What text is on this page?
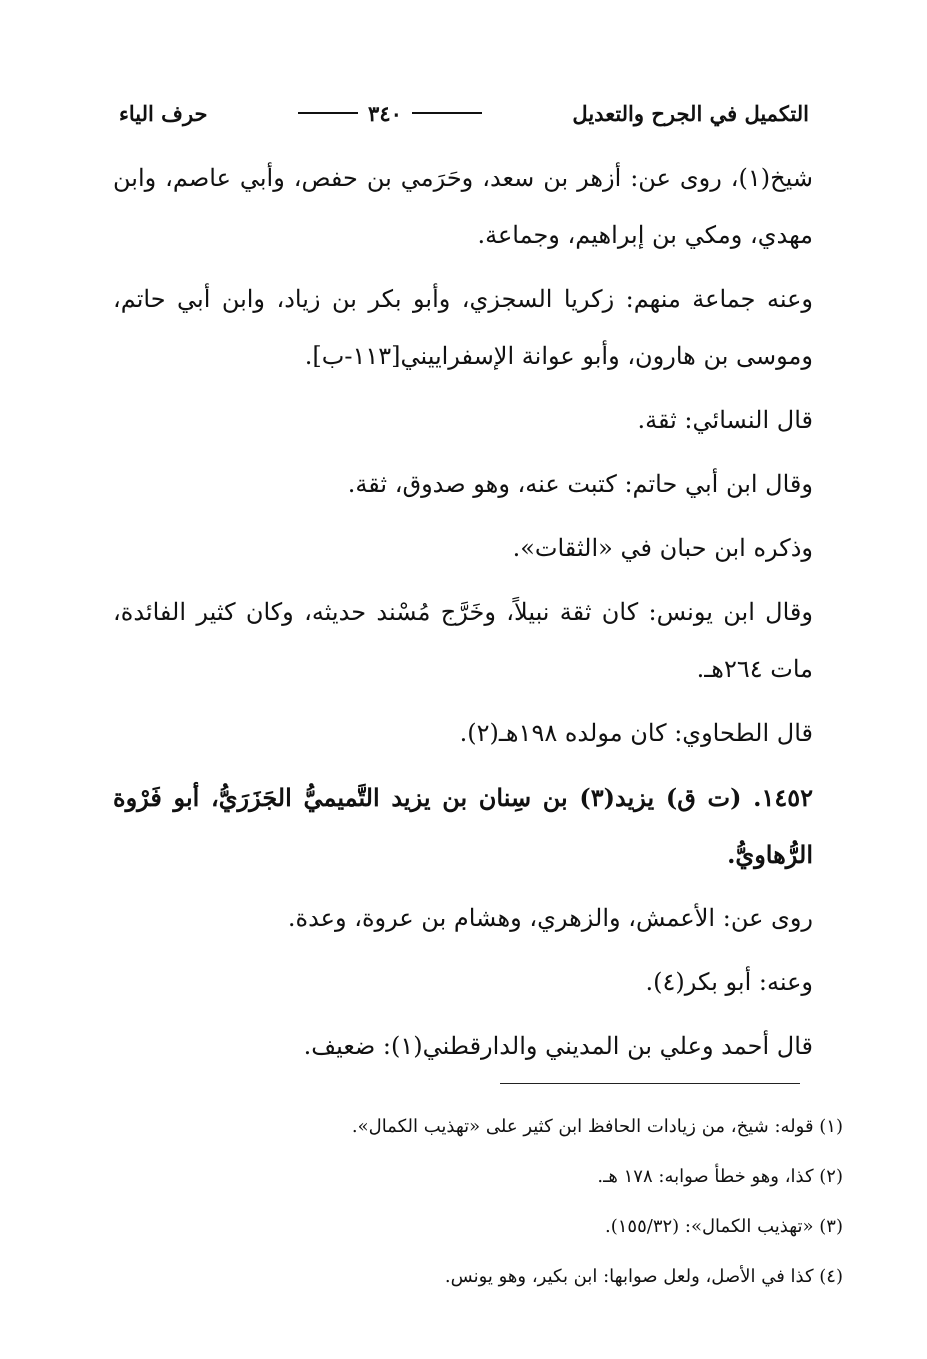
التكميل في الجرح والتعديل
٣٤٠
حرف الياء

شيخ(١)، روى عن: أزهر بن سعد، وحَرَمي بن حفص، وأبي عاصم، وابن مهدي، ومكي بن إبراهيم، وجماعة.

وعنه جماعة منهم: زكريا السجزي، وأبو بكر بن زياد، وابن أبي حاتم، وموسى بن هارون، وأبو عوانة الإسفراييني[١١٣-ب].

قال النسائي: ثقة.

وقال ابن أبي حاتم: كتبت عنه، وهو صدوق، ثقة.

وذكره ابن حبان في «الثقات».

وقال ابن يونس: كان ثقة نبيلاً، وخَرَّج مُسْند حديثه، وكان كثير الفائدة، مات ٢٦٤هـ.

قال الطحاوي: كان مولده ١٩٨هـ(٢).

١٤٥٢. (ت ق) يزيد(٣) بن سِنان بن يزيد التَّميميُّ الجَزَرَيُّ، أبو فَرْوة الرُّهاويُّ.

روى عن: الأعمش، والزهري، وهشام بن عروة، وعدة.

وعنه: أبو بكر(٤).

قال أحمد وعلي بن المديني والدارقطني(١): ضعيف.

(١) قوله: شيخ، من زيادات الحافظ ابن كثير على «تهذيب الكمال».

(٢) كذا، وهو خطأ صوابه: ١٧٨ هـ.

(٣) «تهذيب الكمال»: (١٥٥/٣٢).

(٤) كذا في الأصل، ولعل صوابها: ابن بكير، وهو يونس.
